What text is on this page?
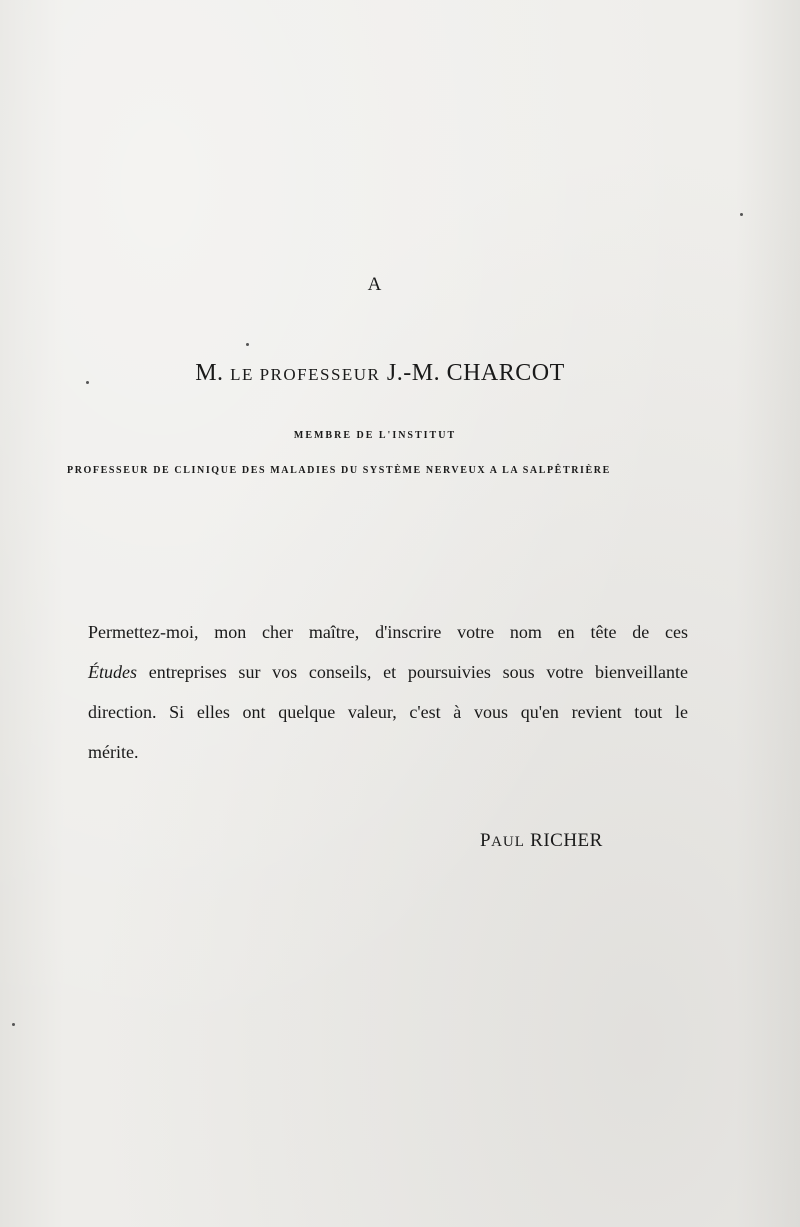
A
M. LE PROFESSEUR J.-M. CHARCOT
MEMBRE DE L'INSTITUT
PROFESSEUR DE CLINIQUE DES MALADIES DU SYSTÈME NERVEUX A LA SALPÊTRIÈRE
Permettez-moi, mon cher maître, d'inscrire votre nom en tête de ces
Études entreprises sur vos conseils, et poursuivies sous votre bienveillante
direction. Si elles ont quelque valeur, c'est à vous qu'en revient tout le
mérite.
PAUL RICHER
